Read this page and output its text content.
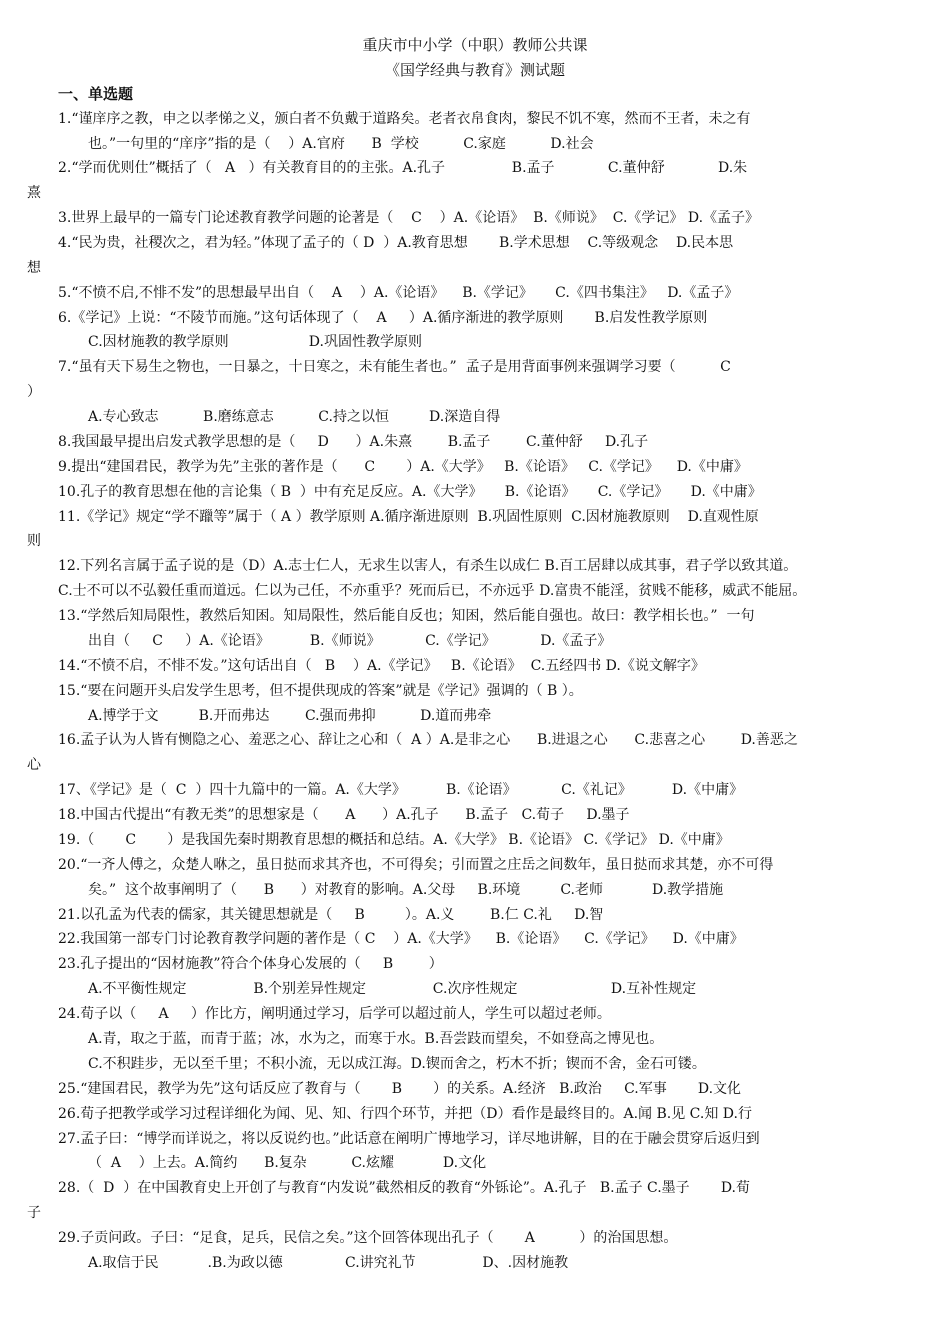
重庆市中小学（中职）教师公共课
《国学经典与教育》测试题
一、单选题
1.“谨庠序之教，申之以孝悌之义，颁白者不负戴于道路矣。老者衣帛食肉，黎民不饥不寒，然而不王者，未之有
也。”一句里的“庠序”指的是（    ）A.官府      B  学校          C.家庭          D.社会
2.“学而优则仕”概括了（   A   ）有关教育目的的主张。A.孔子               B.孟子            C.董仲舒            D.朱
熹
3.世界上最早的一篇专门论述教育教学问题的论著是（    C    ）A.《论语》  B.《师说》  C.《学记》 D.《孟子》
4.“民为贵，社稷次之，君为轻。”体现了孟子的（ D  ）A.教育思想       B.学术思想    C.等级观念    D.民本思
想
5.“不愤不启,不悱不发”的思想最早出自（    A    ）A.《论语》    B.《学记》     C.《四书集注》   D.《孟子》
6.《学记》上说：“不陵节而施。”这句话体现了（    A     ）A.循序渐进的教学原则       B.启发性教学原则
C.因材施教的教学原则                  D.巩固性教学原则
7.“虽有天下易生之物也，一日暴之，十日寒之，未有能生者也。”  孟子是用背面事例来强调学习要（          C
）
A.专心致志          B.磨练意志          C.持之以恒         D.深造自得
8.我国最早提出启发式教学思想的是（     D      ）A.朱熹        B.孟子        C.董仲舒     D.孔子
9.提出“建国君民，教学为先”主张的著作是（      C       ）A.《大学》   B.《论语》   C.《学记》    D.《中庸》
10.孔子的教育思想在他的言论集（ B  ）中有充足反应。A.《大学》     B.《论语》     C.《学记》     D.《中庸》
11.《学记》规定“学不躐等”属于（ A ）教学原则 A.循序渐进原则  B.巩固性原则  C.因材施教原则    D.直观性原
则
12.下列名言属于孟子说的是（D）A.志士仁人，无求生以害人，有杀生以成仁 B.百工居肆以成其事，君子学以致其道。
C.士不可以不弘毅任重而道远。仁以为己任，不亦重乎？死而后已，不亦远乎 D.富贵不能淫，贫贱不能移，威武不能屈。
13.“学然后知局限性，教然后知困。知局限性，然后能自反也；知困，然后能自强也。故曰：教学相长也。”  一句
出自（     C     ）A.《论语》         B.《师说》          C.《学记》          D.《孟子》
14.“不愤不启，不悱不发。”这句话出自（   B    ）A.《学记》   B.《论语》  C.五经四书 D.《说文解字》
15.“要在问题开头启发学生思考，但不提供现成的答案”就是《学记》强调的（ B ）。
A.博学于文         B.开而弗达        C.强而弗抑          D.道而弗牵
16.孟子认为人皆有恻隐之心、羞恶之心、辞让之心和（  A ）A.是非之心      B.进退之心      C.悲喜之心        D.善恶之
心
17、《学记》是（  C  ）四十九篇中的一篇。A.《大学》         B.《论语》          C.《礼记》         D.《中庸》
18.中国古代提出“有教无类”的思想家是（      A      ）A.孔子      B.孟子   C.荀子     D.墨子
19.（       C       ）是我国先秦时期教育思想的概括和总结。A.《大学》 B.《论语》 C.《学记》 D.《中庸》
20.“一齐人傅之，众楚人咻之，虽日挞而求其齐也，不可得矣；引而置之庄岳之间数年，虽日挞而求其楚，亦不可得
矣。”  这个故事阐明了（      B      ）对教育的影响。A.父母     B.环境         C.老师           D.教学措施
21.以孔孟为代表的儒家，其关键思想就是（     B         ）。A.义        B.仁 C.礼     D.智
22.我国第一部专门讨论教育教学问题的著作是（ C    ）A.《大学》    B.《论语》    C.《学记》    D.《中庸》
23.孔子提出的“因材施教”符合个体身心发展的（     B        ）
A.不平衡性规定               B.个别差异性规定               C.次序性规定                     D.互补性规定
24.荀子以（     A     ）作比方，阐明通过学习，后学可以超过前人，学生可以超过老师。
A.青，取之于蓝，而青于蓝；冰，水为之，而寒于水。B.吾尝跂而望矣，不如登高之博见也。
C.不积跬步，无以至千里；不积小流，无以成江海。D.锲而舍之，朽木不折；锲而不舍，金石可镂。
25.“建国君民，教学为先”这句话反应了教育与（       B       ）的关系。A.经济   B.政治     C.军事       D.文化
26.荀子把教学或学习过程详细化为闻、见、知、行四个环节，并把（D）看作是最终目的。A.闻 B.见 C.知 D.行
27.孟子曰：“博学而详说之，将以反说约也。”此话意在阐明广博地学习，详尽地讲解，目的在于融会贯穿后返归到
（  A    ）上去。A.简约      B.复杂          C.炫耀           D.文化
28.（  D  ）在中国教育史上开创了与教育“内发说”截然相反的教育“外铄论”。A.孔子   B.孟子 C.墨子       D.荀
子
29.子贡问政。子曰：“足食，足兵，民信之矣。”这个回答体现出孔子（       A          ）的治国思想。
A.取信于民           .B.为政以德              C.讲究礼节               D、.因材施教
